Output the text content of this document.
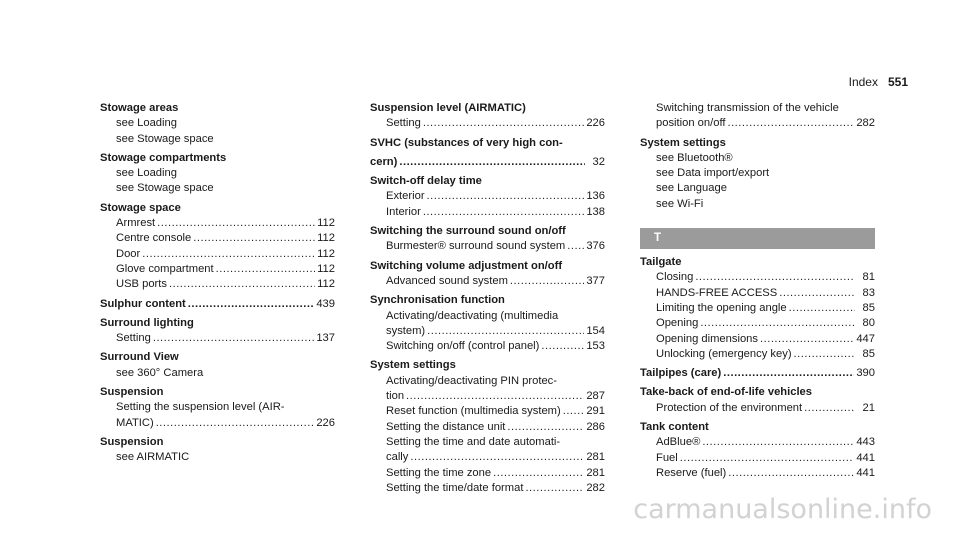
Index 551
Stowage areas
see Loading
see Stowage space
Stowage compartments
see Loading
see Stowage space
Stowage space
Armrest .....	112
Centre console .....	112
Door .....	112
Glove compartment .....	112
USB ports .....	112
Sulphur content .....	439
Surround lighting
Setting .....	137
Surround View
see 360° Camera
Suspension
Setting the suspension level (AIR-
MATIC) .....	226
Suspension
see AIRMATIC
Suspension level (AIRMATIC)
Setting .....	226
SVHC (substances of very high con-
cern) .....	32
Switch-off delay time
Exterior .....	136
Interior .....	138
Switching the surround sound on/off
Burmester® surround sound system ..... 376
Switching volume adjustment on/off
Advanced sound system .....	377
Synchronisation function
Activating/deactivating (multimedia
system) .....	154
Switching on/off (control panel) .....	153
System settings
Activating/deactivating PIN protec-
tion .....	287
Reset function (multimedia system) ..... 291
Setting the distance unit .....	286
Setting the time and date automati-
cally .....	281
Setting the time zone .....	281
Setting the time/date format .....	282
Switching transmission of the vehicle
position on/off .....	282
System settings
see Bluetooth®
see Data import/export
see Language
see Wi-Fi
T
Tailgate
Closing .....	81
HANDS-FREE ACCESS .....	83
Limiting the opening angle .....	85
Opening .....	80
Opening dimensions .....	447
Unlocking (emergency key) .....	85
Tailpipes (care) .....	390
Take-back of end-of-life vehicles
Protection of the environment .....	21
Tank content
AdBlue® .....	443
Fuel .....	441
Reserve (fuel) .....	441
carmanualsonline.info
